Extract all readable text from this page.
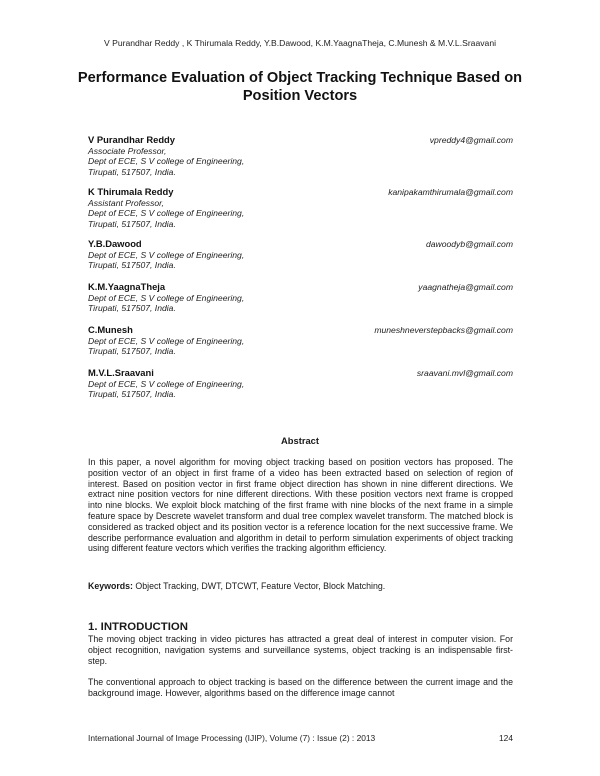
V Purandhar Reddy , K Thirumala Reddy, Y.B.Dawood, K.M.YaagnaTheja, C.Munesh & M.V.L.Sraavani
Performance Evaluation of Object Tracking Technique Based on Position Vectors
V Purandhar Reddy	vpreddy4@gmail.com
Associate Professor,
Dept of ECE, S V college of Engineering,
Tirupati, 517507, India.
K Thirumala Reddy	kanipakamthirumala@gmail.com
Assistant Professor,
Dept of ECE, S V college of Engineering,
Tirupati, 517507, India.
Y.B.Dawood	dawoodyb@gmail.com
Dept of ECE, S V college of Engineering,
Tirupati, 517507, India.
K.M.YaagnaTheja	yaagnatheja@gmail.com
Dept of ECE, S V college of Engineering,
Tirupati, 517507, India.
C.Munesh	muneshneverstepbacks@gmail.com
Dept of ECE, S V college of Engineering,
Tirupati, 517507, India.
M.V.L.Sraavani	sraavani.mvl@gmail.com
Dept of ECE, S V college of Engineering,
Tirupati, 517507, India.
Abstract
In this paper, a novel algorithm for moving object tracking based on position vectors has proposed. The position vector of an object in first frame of a video has been extracted based on selection of region of interest. Based on position vector in first frame object direction has shown in nine different directions. We extract nine position vectors for nine different directions. With these position vectors next frame is cropped into nine blocks. We exploit block matching of the first frame with nine blocks of the next frame in a simple feature space by Descrete wavelet transform and dual tree complex wavelet transform. The matched block is considered as tracked object and its position vector is a reference location for the next successive frame. We describe performance evaluation and algorithm in detail to perform simulation experiments of object tracking using different feature vectors which verifies the tracking algorithm efficiency.
Keywords: Object Tracking, DWT, DTCWT, Feature Vector, Block Matching.
1. INTRODUCTION
The moving object tracking in video pictures has attracted a great deal of interest in computer vision. For object recognition, navigation systems and surveillance systems, object tracking is an indispensable first-step.
The conventional approach to object tracking is based on the difference between the current image and the background image. However, algorithms based on the difference image cannot
International Journal of Image Processing (IJIP), Volume (7) : Issue (2) : 2013	124
